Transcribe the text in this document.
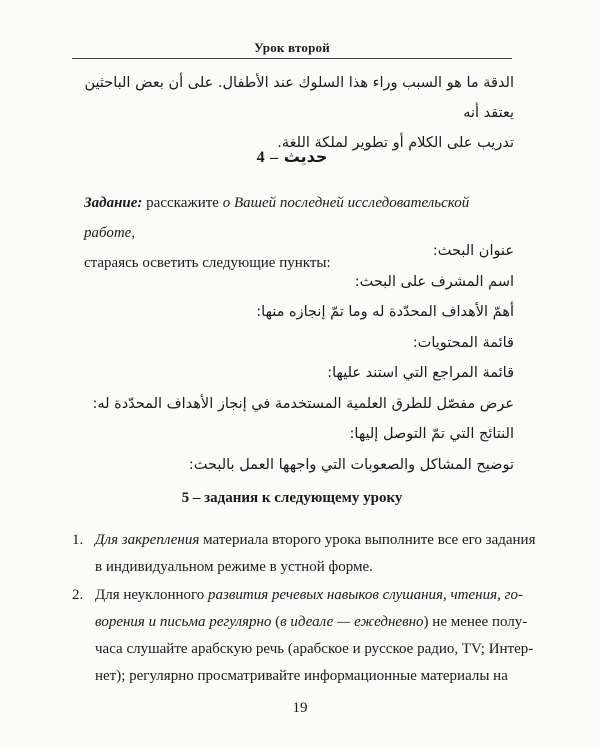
Урок второй

الدقة ما هو السبب وراء هذا السلوك عند الأطفال. على أن بعض الباحثين يعتقد أنه

تدريب على الكلام أو تطوير لملكة اللغة.

4 – حديث

Задание: расскажите о Вашей последней исследовательской работе,

стараясь осветить следующие пункты:

عنوان البحث:
اسم المشرف على البحث:
أهمّ الأهداف المحدّدة له وما تمّ إنجازه منها:
قائمة المحتويات:
قائمة المراجع التي استند عليها:
عرض مفصّل للطرق العلمية المستخدمة في إنجاز الأهداف المحدّدة له:
النتائج التي تمّ التوصل إليها:
توضيح المشاكل والصعوبات التي واجهها العمل بالبحث:
5 – задания к следующему уроку
1. Для закрепления материала второго урока выполните все его задания
в индивидуальном режиме в устной форме.
2. Для неуклонного развития речевых навыков слушания, чтения, го-
ворения и письма регулярно (в идеале — ежедневно) не менее полу-
часа слушайте арабскую речь (арабское и русское радио, TV; Интер-
нет); регулярно просматривайте информационные материалы на
19
